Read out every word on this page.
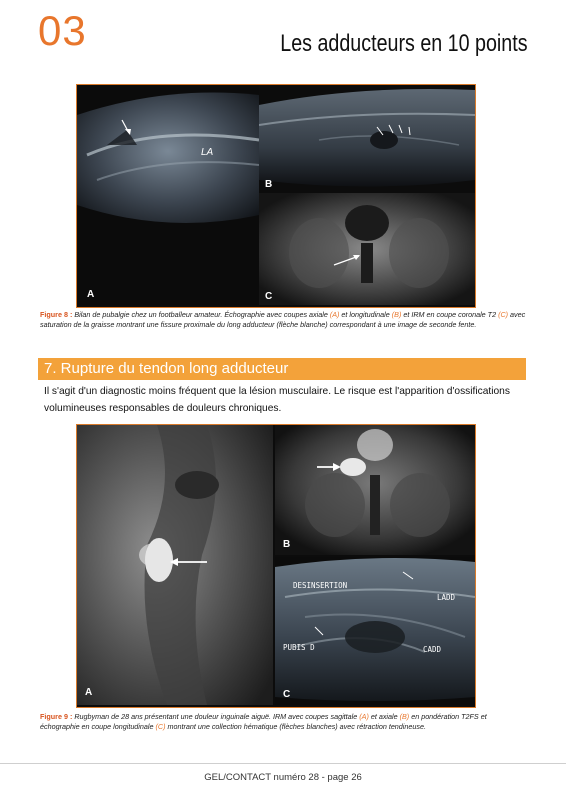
03	Les adducteurs en 10 points
LA
A
B
C
Figure 8 : Bilan de pubalgie chez un footballeur amateur. Échographie avec coupes axiale (A) et longitudinale (B) et IRM en coupe coronale T2 (C) avec saturation de la graisse montrant une fissure proximale du long adducteur (flèche blanche) correspondant à une image de seconde fente.
7. Rupture du tendon long adducteur
Il s'agit d'un diagnostic moins fréquent que la lésion musculaire. Le risque est l'apparition d'ossifications volumineuses responsables de douleurs chroniques.
A
B
DESINSERTION
LADD
PUBIS D	CADD
C
Figure 9 : Rugbyman de 28 ans présentant une douleur inguinale aiguë. IRM avec coupes sagittale (A) et axiale (B) en pondération T2FS et échographie en coupe longitudinale (C) montrant une collection hématique (flèches blanches) avec rétraction tendineuse.
GEL/CONTACT numéro 28 - page 26
